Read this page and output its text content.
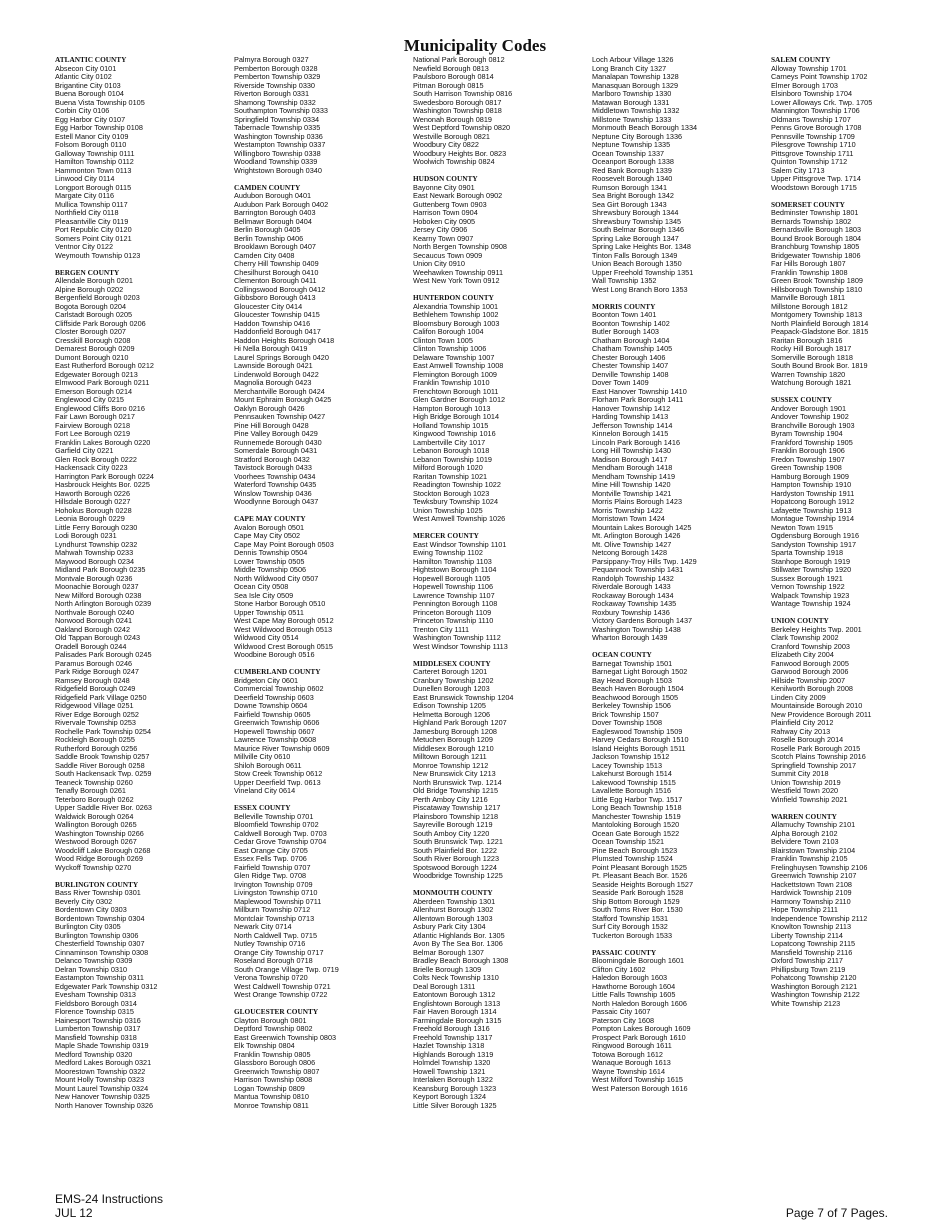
Municipality Codes
ATLANTIC COUNTY
Absecon City 0101
Atlantic City 0102
Brigantine City 0103
Buena Borough 0104
Buena Vista Township 0105
Corbin City 0106
Egg Harbor City 0107
Egg Harbor Township 0108
Estell Manor City 0109
Folsom Borough 0110
Galloway Township 0111
Hamilton Township 0112
Hammonton Town 0113
Linwood City 0114
Longport Borough 0115
Margate City 0116
Mullica Township 0117
Northfield City 0118
Pleasantville City 0119
Port Republic City 0120
Somers Point City 0121
Ventnor City 0122
Weymouth Township 0123
BERGEN COUNTY
Allendale Borough 0201
Alpine Borough 0202
Bergenfield Borough 0203
Bogota Borough 0204
Carlstadt Borough 0205
Cliffside Park Borough 0206
Closter Borough 0207
Cresskill Borough 0208
Demarest Borough 0209
Dumont Borough 0210
East Rutherford Borough 0212
Edgewater Borough 0213
Elmwood Park Borough 0211
Emerson Borough 0214
Englewood City 0215
Englewood Cliffs Boro 0216
Fair Lawn Borough 0217
Fairview Borough 0218
Fort Lee Borough 0219
Franklin Lakes Borough 0220
Garfield City 0221
Glen Rock Borough 0222
Hackensack City 0223
Harrington Park Borough 0224
Hasbrouck Heights Bor. 0225
Haworth Borough 0226
Hillsdale Borough 0227
Hohokus Borough 0228
Leonia Borough 0229
Little Ferry Borough 0230
Lodi Borough 0231
Lyndhurst Township 0232
Mahwah Township 0233
Maywood Borough 0234
Midland Park Borough 0235
Montvale Borough 0236
Moonachie Borough 0237
New Milford Borough 0238
North Arlington Borough 0239
Northvale Borough 0240
Norwood Borough 0241
Oakland Borough 0242
Old Tappan Borough 0243
Oradell Borough 0244
Palisades Park Borough 0245
Paramus Borough 0246
Park Ridge Borough 0247
Ramsey Borough 0248
Ridgefield Borough 0249
Ridgefield Park Village 0250
Ridgewood Village 0251
River Edge Borough 0252
Rivervale Township 0253
Rochelle Park Township 0254
Rockleigh Borough 0255
Rutherford Borough 0256
Saddle Brook Township 0257
Saddle River Borough 0258
South Hackensack Twp. 0259
Teaneck Township 0260
Tenafly Borough 0261
Teterboro Borough 0262
Upper Saddle River Bor. 0263
Waldwick Borough 0264
Wallington Borough 0265
Washington Township 0266
Westwood Borough 0267
Woodcliff Lake Borough 0268
Wood Ridge Borough 0269
Wyckoff Township 0270
BURLINGTON COUNTY
Bass River Township 0301
Beverly City 0302
Bordentown City 0303
Bordentown Township 0304
Burlington City 0305
Burlington Township 0306
Chesterfield Township 0307
Cinnaminson Township 0308
Delanco Township 0309
Delran Township 0310
Eastampton Township 0311
Edgewater Park Township 0312
Evesham Township 0313
Fieldsboro Borough 0314
Florence Township 0315
Hainesport Township 0316
Lumberton Township 0317
Mansfield Township 0318
Maple Shade Township 0319
Medford Township 0320
Medford Lakes Borough 0321
Moorestown Township 0322
Mount Holly Township 0323
Mount Laurel Township 0324
New Hanover Township 0325
North Hanover Township 0326
Palmyra Borough 0327
Pemberton Borough 0328
Pemberton Township 0329
Riverside Township 0330
Riverton Borough 0331
Shamong Township 0332
Southampton Township 0333
Springfield Township 0334
Tabernacle Township 0335
Washington Township 0336
Westampton Township 0337
Willingboro Township 0338
Woodland Township 0339
Wrightstown Borough 0340
CAMDEN COUNTY
Audubon Borough 0401
Audubon Park Borough 0402
Barrington Borough 0403
Bellmawr Borough 0404
Berlin Borough 0405
Berlin Township 0406
Brooklawn Borough 0407
Camden City 0408
Cherry Hill Township 0409
Chesilhurst Borough 0410
Clementon Borough 0411
Collingswood Borough 0412
Gibbsboro Borough 0413
Gloucester City 0414
Gloucester Township 0415
Haddon Township 0416
Haddonfield Borough 0417
Haddon Heights Borough 0418
Hi Nella Borough 0419
Laurel Springs Borough 0420
Lawnside Borough 0421
Lindenwold Borough 0422
Magnolia Borough 0423
Merchantville Borough 0424
Mount Ephraim Borough 0425
Oaklyn Borough 0426
Pennsauken Township 0427
Pine Hill Borough 0428
Pine Valley Borough 0429
Runnemede Borough 0430
Somerdale Borough 0431
Stratford Borough 0432
Tavistock Borough 0433
Voorhees Township 0434
Waterford Township 0435
Winslow Township 0436
Woodlynne Borough 0437
CAPE MAY COUNTY
Avalon Borough 0501
Cape May City 0502
Cape May Point Borough 0503
Dennis Township 0504
Lower Township 0505
Middle Township 0506
North Wildwood City 0507
Ocean City 0508
Sea Isle City 0509
Stone Harbor Borough 0510
Upper Township 0511
West Cape May Borough 0512
West Wildwood Borough 0513
Wildwood City 0514
Wildwood Crest Borough 0515
Woodbine Borough 0516
CUMBERLAND COUNTY
Bridgeton City 0601
Commercial Township 0602
Deerfield Township 0603
Downe Township 0604
Fairfield Township 0605
Greenwich Township 0606
Hopewell Township 0607
Lawrence Township 0608
Maurice River Township 0609
Millville City 0610
Shiloh Borough 0611
Stow Creek Township 0612
Upper Deerfield Twp. 0613
Vineland City 0614
ESSEX COUNTY
Belleville Township 0701
Bloomfield Township 0702
Caldwell Borough Twp. 0703
Cedar Grove Township 0704
East Orange City 0705
Essex Fells Twp. 0706
Fairfield Township 0707
Glen Ridge Twp. 0708
Irvington Township 0709
Livingston Township 0710
Maplewood Township 0711
Millburn Township 0712
Montclair Township 0713
Newark City 0714
North Caldwell Twp. 0715
Nutley Township 0716
Orange City Township 0717
Roseland Borough 0718
South Orange Village Twp. 0719
Verona Township 0720
West Caldwell Township 0721
West Orange Township 0722
GLOUCESTER COUNTY
Clayton Borough 0801
Deptford Township 0802
East Greenwich Township 0803
Elk Township 0804
Franklin Township 0805
Glassboro Borough 0806
Greenwich Township 0807
Harrison Township 0808
Logan Township 0809
Mantua Township 0810
Monroe Township 0811
National Park Borough 0812
Newfield Borough 0813
Paulsboro Borough 0814
Pitman Borough 0815
South Harrison Township 0816
Swedesboro Borough 0817
Washington Township 0818
Wenonah Borough 0819
West Deptford Township 0820
Westville Borough 0821
Woodbury City 0822
Woodbury Heights Bor. 0823
Woolwich Township 0824
HUDSON COUNTY
Bayonne City 0901
East Newark Borough 0902
Guttenberg Town 0903
Harrison Town 0904
Hoboken City 0905
Jersey City 0906
Kearny Town 0907
North Bergen Township 0908
Secaucus Town 0909
Union City 0910
Weehawken Township 0911
West New York Town 0912
HUNTERDON COUNTY
Alexandria Township 1001
Bethlehem Township 1002
Bloomsbury Borough 1003
Califon Borough 1004
Clinton Town 1005
Clinton Township 1006
Delaware Township 1007
East Amwell Township 1008
Flemington Borough 1009
Franklin Township 1010
Frenchtown Borough 1011
Glen Gardner Borough 1012
Hampton Borough 1013
High Bridge Borough 1014
Holland Township 1015
Kingwood Township 1016
Lambertville City 1017
Lebanon Borough 1018
Lebanon Township 1019
Milford Borough 1020
Raritan Township 1021
Readington Township 1022
Stockton Borough 1023
Tewksbury Township 1024
Union Township 1025
West Amwell Township 1026
MERCER COUNTY
East Windsor Township 1101
Ewing Township 1102
Hamilton Township 1103
Hightstown Borough 1104
Hopewell Borough 1105
Hopewell Township 1106
Lawrence Township 1107
Pennington Borough 1108
Princeton Borough 1109
Princeton Township 1110
Trenton City 1111
Washington Township 1112
West Windsor Township 1113
MIDDLESEX COUNTY
Carteret Borough 1201
Cranbury Township 1202
Dunellen Borough 1203
East Brunswick Township 1204
Edison Township 1205
Helmetta Borough 1206
Highland Park Borough 1207
Jamesburg Borough 1208
Metuchen Borough 1209
Middlesex Borough 1210
Milltown Borough 1211
Monroe Township 1212
New Brunswick City 1213
North Brunswick Twp. 1214
Old Bridge Township 1215
Perth Amboy City 1216
Piscataway Township 1217
Plainsboro Township 1218
Sayreville Borough 1219
South Amboy City 1220
South Brunswick Twp. 1221
South Plainfield Bor. 1222
South River Borough 1223
Spotswood Borough 1224
Woodbridge Township 1225
MONMOUTH COUNTY
Aberdeen Township 1301
Allenhurst Borough 1302
Allentown Borough 1303
Asbury Park City 1304
Atlantic Highlands Bor. 1305
Avon By The Sea Bor. 1306
Belmar Borough 1307
Bradley Beach Borough 1308
Brielle Borough 1309
Colts Neck Township 1310
Deal Borough 1311
Eatontown Borough 1312
Englishtown Borough 1313
Fair Haven Borough 1314
Farmingdale Borough 1315
Freehold Borough 1316
Freehold Township 1317
Hazlet Township 1318
Highlands Borough 1319
Holmdel Township 1320
Howell Township 1321
Interlaken Borough 1322
Keansburg Borough 1323
Keyport Borough 1324
Little Silver Borough 1325
Loch Arbour Village 1326
Long Branch City 1327
Manalapan Township 1328
Manasquan Borough 1329
Marlboro Township 1330
Matawan Borough 1331
Middletown Township 1332
Millstone Township 1333
Monmouth Beach Borough 1334
Neptune City Borough 1336
Neptune Township 1335
Ocean Township 1337
Oceanport Borough 1338
Red Bank Borough 1339
Roosevelt Borough 1340
Rumson Borough 1341
Sea Bright Borough 1342
Sea Girt Borough 1343
Shrewsbury Borough 1344
Shrewsbury Township 1345
South Belmar Borough 1346
Spring Lake Borough 1347
Spring Lake Heights Bor. 1348
Tinton Falls Borough 1349
Union Beach Borough 1350
Upper Freehold Township 1351
Wall Township 1352
West Long Branch Boro 1353
MORRIS COUNTY
Boonton Town 1401
Boonton Township 1402
Butler Borough 1403
Chatham Borough 1404
Chatham Township 1405
Chester Borough 1406
Chester Township 1407
Denville Township 1408
Dover Town 1409
East Hanover Township 1410
Florham Park Borough 1411
Hanover Township 1412
Harding Township 1413
Jefferson Township 1414
Kinnelon Borough 1415
Lincoln Park Borough 1416
Long Hill Township 1430
Madison Borough 1417
Mendham Borough 1418
Mendham Township 1419
Mine Hill Township 1420
Montville Township 1421
Morris Plains Borough 1423
Morris Township 1422
Morristown Town 1424
Mountain Lakes Borough 1425
Mt. Arlington Borough 1426
Mt. Olive Township 1427
Netcong Borough 1428
Parsippany-Troy Hills Twp. 1429
Pequannock Township 1431
Randolph Township 1432
Riverdale Borough 1433
Rockaway Borough 1434
Rockaway Township 1435
Roxbury Township 1436
Victory Gardens Borough 1437
Washington Township 1438
Wharton Borough 1439
OCEAN COUNTY
Barnegat Township 1501
Barnegat Light Borough 1502
Bay Head Borough 1503
Beach Haven Borough 1504
Beachwood Borough 1505
Berkeley Township 1506
Brick Township 1507
Dover Township 1508
Eagleswood Township 1509
Harvey Cedars Borough 1510
Island Heights Borough 1511
Jackson Township 1512
Lacey Township 1513
Lakehurst Borough 1514
Lakewood Township 1515
Lavallette Borough 1516
Little Egg Harbor Twp. 1517
Long Beach Township 1518
Manchester Township 1519
Mantoloking Borough 1520
Ocean Gate Borough 1522
Ocean Township 1521
Pine Beach Borough 1523
Plumsted Township 1524
Point Pleasant Borough 1525
Pt. Pleasant Beach Bor. 1526
Seaside Heights Borough 1527
Seaside Park Borough 1528
Ship Bottom Borough 1529
South Toms River Bor. 1530
Stafford Township 1531
Surf City Borough 1532
Tuckerton Borough 1533
PASSAIC COUNTY
Bloomingdale Borough 1601
Clifton City 1602
Haledon Borough 1603
Hawthorne Borough 1604
Little Falls Township 1605
North Haledon Borough 1606
Passaic City 1607
Paterson City 1608
Pompton Lakes Borough 1609
Prospect Park Borough 1610
Ringwood Borough 1611
Totowa Borough 1612
Wanaque Borough 1613
Wayne Township 1614
West Milford Township 1615
West Paterson Borough 1616
SALEM COUNTY
Alloway Township 1701
Carneys Point Township 1702
Elmer Borough 1703
Elsinboro Township 1704
Lower Alloways Crk. Twp. 1705
Mannington Township 1706
Oldmans Township 1707
Penns Grove Borough 1708
Pennsville Township 1709
Pilesgrove Township 1710
Pittsgrove Township 1711
Quinton Township 1712
Salem City 1713
Upper Pittsgrove Twp. 1714
Woodstown Borough 1715
SOMERSET COUNTY
Bedminster Township 1801
Bernards Township 1802
Bernardsville Borough 1803
Bound Brook Borough 1804
Branchburg Township 1805
Bridgewater Township 1806
Far Hills Borough 1807
Franklin Township 1808
Green Brook Township 1809
Hillsborough Township 1810
Manville Borough 1811
Millstone Borough 1812
Montgomery Township 1813
North Plainfield Borough 1814
Peapack-Gladstone Bor. 1815
Raritan Borough 1816
Rocky Hill Borough 1817
Somerville Borough 1818
South Bound Brook Bor. 1819
Warren Township 1820
Watchung Borough 1821
SUSSEX COUNTY
Andover Borough 1901
Andover Township 1902
Branchville Borough 1903
Byram Township 1904
Frankford Township 1905
Franklin Borough 1906
Fredon Township 1907
Green Township 1908
Hamburg Borough 1909
Hampton Township 1910
Hardyston Township 1911
Hopatcong Borough 1912
Lafayette Township 1913
Montague Township 1914
Newton Town 1915
Ogdensburg Borough 1916
Sandyston Township 1917
Sparta Township 1918
Stanhope Borough 1919
Stillwater Township 1920
Sussex Borough 1921
Vernon Township 1922
Walpack Township 1923
Wantage Township 1924
UNION COUNTY
Berkeley Heights Twp. 2001
Clark Township 2002
Cranford Township 2003
Elizabeth City 2004
Fanwood Borough 2005
Garwood Borough 2006
Hillside Township 2007
Kenilworth Borough 2008
Linden City 2009
Mountainside Borough 2010
New Providence Borough 2011
Plainfield City 2012
Rahway City 2013
Roselle Borough 2014
Roselle Park Borough 2015
Scotch Plains Township 2016
Springfield Township 2017
Summit City 2018
Union Township 2019
Westfield Town 2020
Winfield Township 2021
WARREN COUNTY
Allamuchy Township 2101
Alpha Borough 2102
Belvidere Town 2103
Blairstown Township 2104
Franklin Township 2105
Frelinghuysen Township 2106
Greenwich Township 2107
Hackettstown Town 2108
Hardwick Township 2109
Harmony Township 2110
Hope Township 2111
Independence Township 2112
Knowlton Township 2113
Liberty Township 2114
Lopatcong Township 2115
Mansfield Township 2116
Oxford Township 2117
Phillipsburg Town 2119
Pohatcong Township 2120
Washington Borough 2121
Washington Township 2122
White Township 2123
EMS-24 Instructions
JUL 12	Page 7 of 7 Pages.
